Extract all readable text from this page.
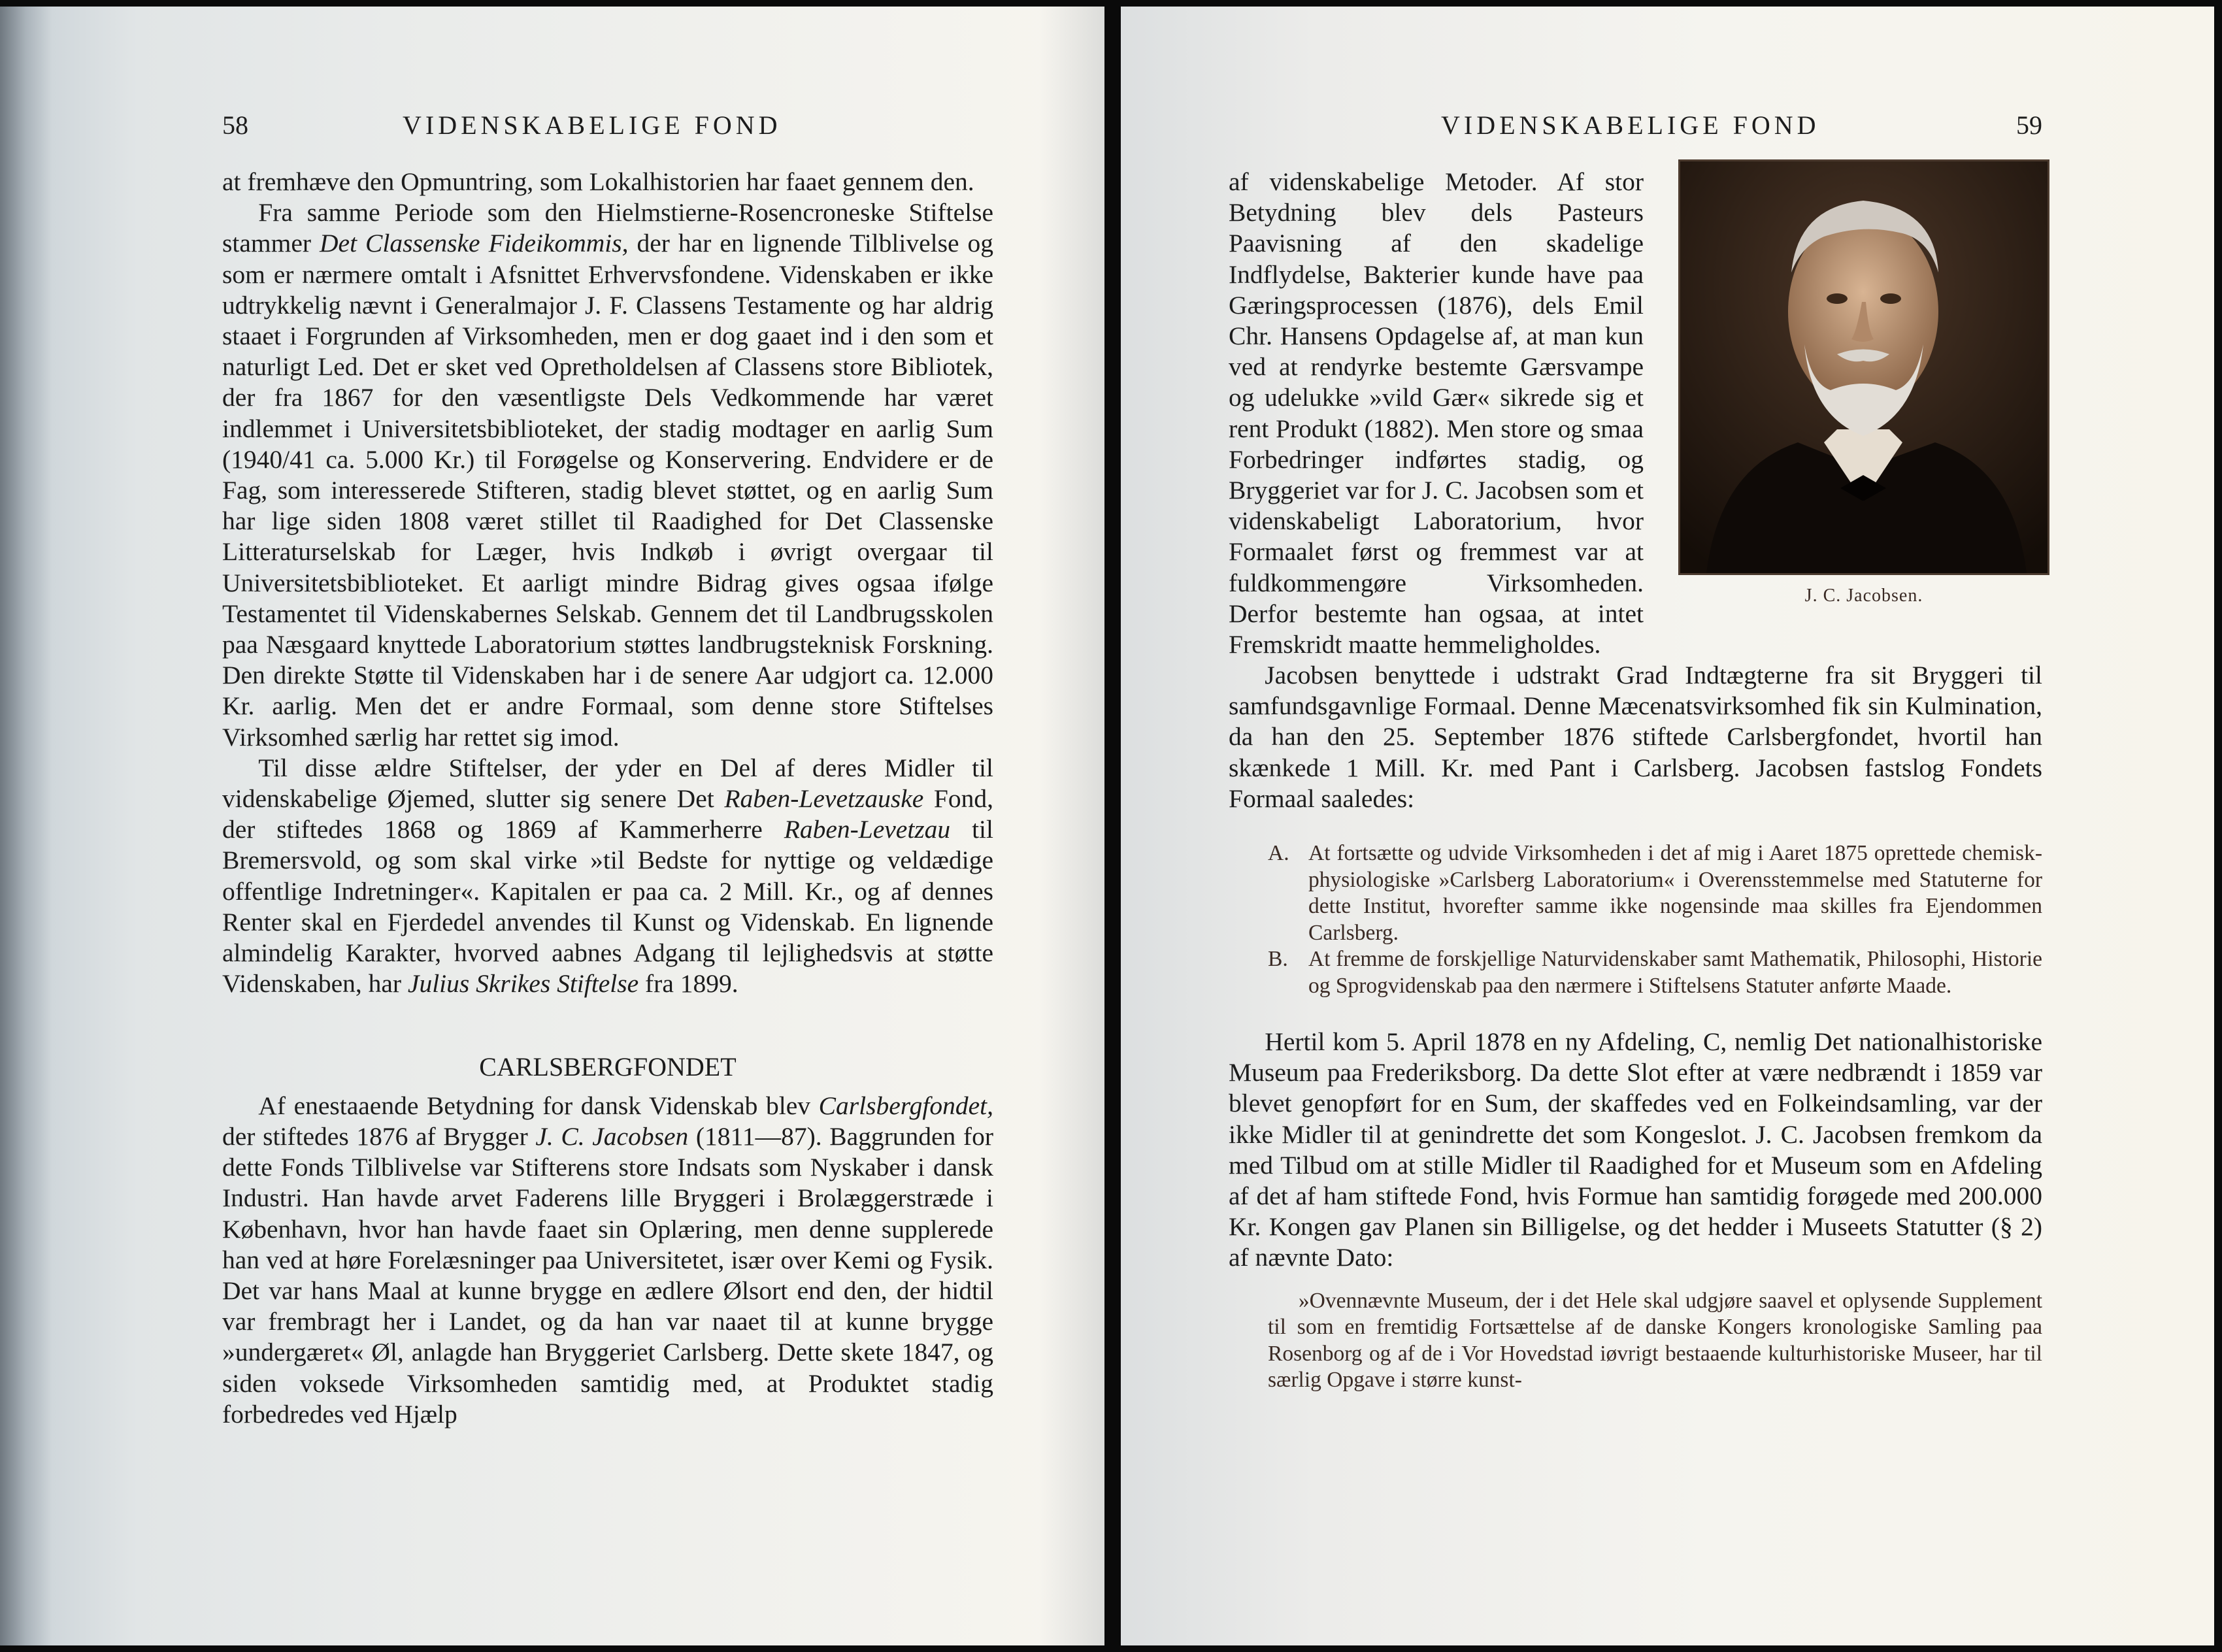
58	VIDENSKABELIGE FOND

at fremhæve den Opmuntring, som Lokalhistorien har faaet gennem den.

Fra samme Periode som den Hielmstierne-Rosencroneske Stiftelse stammer Det Classenske Fideikommis, der har en lignende Tilblivelse og som er nærmere omtalt i Afsnittet Erhvervsfondene. Videnskaben er ikke udtrykkelig nævnt i Generalmajor J. F. Classens Testamente og har aldrig staaet i Forgrunden af Virksomheden, men er dog gaaet ind i den som et naturligt Led. Det er sket ved Opretholdelsen af Classens store Bibliotek, der fra 1867 for den væsentligste Dels Vedkommende har været indlemmet i Universitetsbiblioteket, der stadig modtager en aarlig Sum (1940/41 ca. 5.000 Kr.) til Forøgelse og Konservering. Endvidere er de Fag, som interesserede Stifteren, stadig blevet støttet, og en aarlig Sum har lige siden 1808 været stillet til Raadighed for Det Classenske Litteraturselskab for Læger, hvis Indkøb i øvrigt overgaar til Universitetsbiblioteket. Et aarligt mindre Bidrag gives ogsaa ifølge Testamentet til Videnskabernes Selskab. Gennem det til Landbrugsskolen paa Næsgaard knyttede Laboratorium støttes landbrugsteknisk Forskning. Den direkte Støtte til Videnskaben har i de senere Aar udgjort ca. 12.000 Kr. aarlig. Men det er andre Formaal, som denne store Stiftelses Virksomhed særlig har rettet sig imod.

Til disse ældre Stiftelser, der yder en Del af deres Midler til videnskabelige Øjemed, slutter sig senere Det Raben-Levetzauske Fond, der stiftedes 1868 og 1869 af Kammerherre Raben-Levetzau til Bremersvold, og som skal virke »til Bedste for nyttige og veldædige offentlige Indretninger«. Kapitalen er paa ca. 2 Mill. Kr., og af dennes Renter skal en Fjerdedel anvendes til Kunst og Videnskab. En lignende almindelig Karakter, hvorved aabnes Adgang til lejlighedsvis at støtte Videnskaben, har Julius Skrikes Stiftelse fra 1899.

CARLSBERGFONDET

Af enestaaende Betydning for dansk Videnskab blev Carlsbergfondet, der stiftedes 1876 af Brygger J. C. Jacobsen (1811—87). Baggrunden for dette Fonds Tilblivelse var Stifterens store Indsats som Nyskaber i dansk Industri. Han havde arvet Faderens lille Bryggeri i Brolæggerstræde i København, hvor han havde faaet sin Oplæring, men denne supplerede han ved at høre Forelæsninger paa Universitetet, især over Kemi og Fysik. Det var hans Maal at kunne brygge en ædlere Ølsort end den, der hidtil var frembragt her i Landet, og da han var naaet til at kunne brygge »undergæret« Øl, anlagde han Bryggeriet Carlsberg. Dette skete 1847, og siden voksede Virksomheden samtidig med, at Produktet stadig forbedredes ved Hjælp

VIDENSKABELIGE FOND	59
af videnskabelige Metoder. Af stor Betydning blev dels Pasteurs Paavisning af den skadelige Indflydelse, Bakterier kunde have paa Gæringsprocessen (1876), dels Emil Chr. Hansens Opdagelse af, at man kun ved at rendyrke bestemte Gærsvampe og udelukke »vild Gær« sikrede sig et rent Produkt (1882). Men store og smaa Forbedringer indførtes stadig, og Bryggeriet var for J. C. Jacobsen som et videnskabeligt Laboratorium, hvor Formaalet først og fremmest var at fuldkommengøre Virksomheden. Derfor bestemte han ogsaa, at intet Fremskridt maatte hemmeligholdes.

Jacobsen benyttede i udstrakt Grad Indtægterne fra sit Bryggeri til samfundsgavnlige Formaal. Denne Mæcenatsvirksomhed fik sin Kulmination, da han den 25. September 1876 stiftede Carlsbergfondet, hvortil han skænkede 1 Mill. Kr. med Pant i Carlsberg. Jacobsen fastslog Fondets Formaal saaledes:

A. At fortsætte og udvide Virksomheden i det af mig i Aaret 1875 oprettede chemisk-physiologiske »Carlsberg Laboratorium« i Overensstemmelse med Statuterne for dette Institut, hvorefter samme ikke nogensinde maa skilles fra Ejendommen Carlsberg.
B. At fremme de forskjellige Naturvidenskaber samt Mathematik, Philosophi, Historie og Sprogvidenskab paa den nærmere i Stiftelsens Statuter anførte Maade.

Hertil kom 5. April 1878 en ny Afdeling, C, nemlig Det nationalhistoriske Museum paa Frederiksborg. Da dette Slot efter at være nedbrændt i 1859 var blevet genopført for en Sum, der skaffedes ved en Folkeindsamling, var der ikke Midler til at genindrette det som Kongeslot. J. C. Jacobsen fremkom da med Tilbud om at stille Midler til Raadighed for et Museum som en Afdeling af det af ham stiftede Fond, hvis Formue han samtidig forøgede med 200.000 Kr. Kongen gav Planen sin Billigelse, og det hedder i Museets Statutter (§ 2) af nævnte Dato:

»Ovennævnte Museum, der i det Hele skal udgjøre saavel et oplysende Supplement til som en fremtidig Fortsættelse af de danske Kongers kronologiske Samling paa Rosenborg og af de i Vor Hovedstad iøvrigt bestaaende kulturhistoriske Museer, har til særlig Opgave i større kunst-

J. C. Jacobsen.
